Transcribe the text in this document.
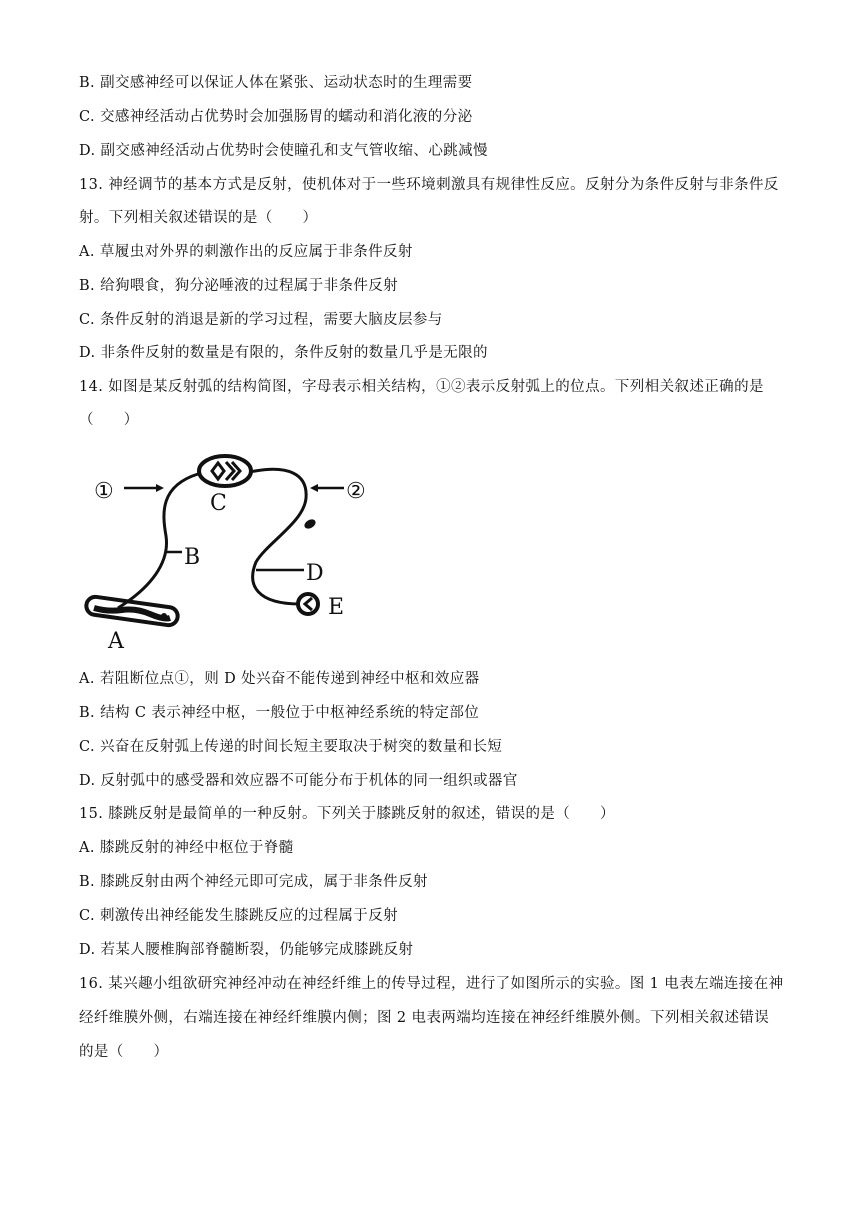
B. 副交感神经可以保证人体在紧张、运动状态时的生理需要
C. 交感神经活动占优势时会加强肠胃的蠕动和消化液的分泌
D. 副交感神经活动占优势时会使瞳孔和支气管收缩、心跳减慢
13. 神经调节的基本方式是反射，使机体对于一些环境刺激具有规律性反应。反射分为条件反射与非条件反
射。下列相关叙述错误的是（　　）
A. 草履虫对外界的刺激作出的反应属于非条件反射
B. 给狗喂食，狗分泌唾液的过程属于非条件反射
C. 条件反射的消退是新的学习过程，需要大脑皮层参与
D. 非条件反射的数量是有限的，条件反射的数量几乎是无限的
14. 如图是某反射弧的结构简图，字母表示相关结构，①②表示反射弧上的位点。下列相关叙述正确的是
（　　）
①	②
C
B
D
E
A
A. 若阻断位点①，则 D 处兴奋不能传递到神经中枢和效应器
B. 结构 C 表示神经中枢，一般位于中枢神经系统的特定部位
C. 兴奋在反射弧上传递的时间长短主要取决于树突的数量和长短
D. 反射弧中的感受器和效应器不可能分布于机体的同一组织或器官
15. 膝跳反射是最简单的一种反射。下列关于膝跳反射的叙述，错误的是（　　）
A. 膝跳反射的神经中枢位于脊髓
B. 膝跳反射由两个神经元即可完成，属于非条件反射
C. 刺激传出神经能发生膝跳反应的过程属于反射
D. 若某人腰椎胸部脊髓断裂，仍能够完成膝跳反射
16. 某兴趣小组欲研究神经冲动在神经纤维上的传导过程，进行了如图所示的实验。图 1 电表左端连接在神
经纤维膜外侧，右端连接在神经纤维膜内侧；图 2 电表两端均连接在神经纤维膜外侧。下列相关叙述错误
的是（　　）
